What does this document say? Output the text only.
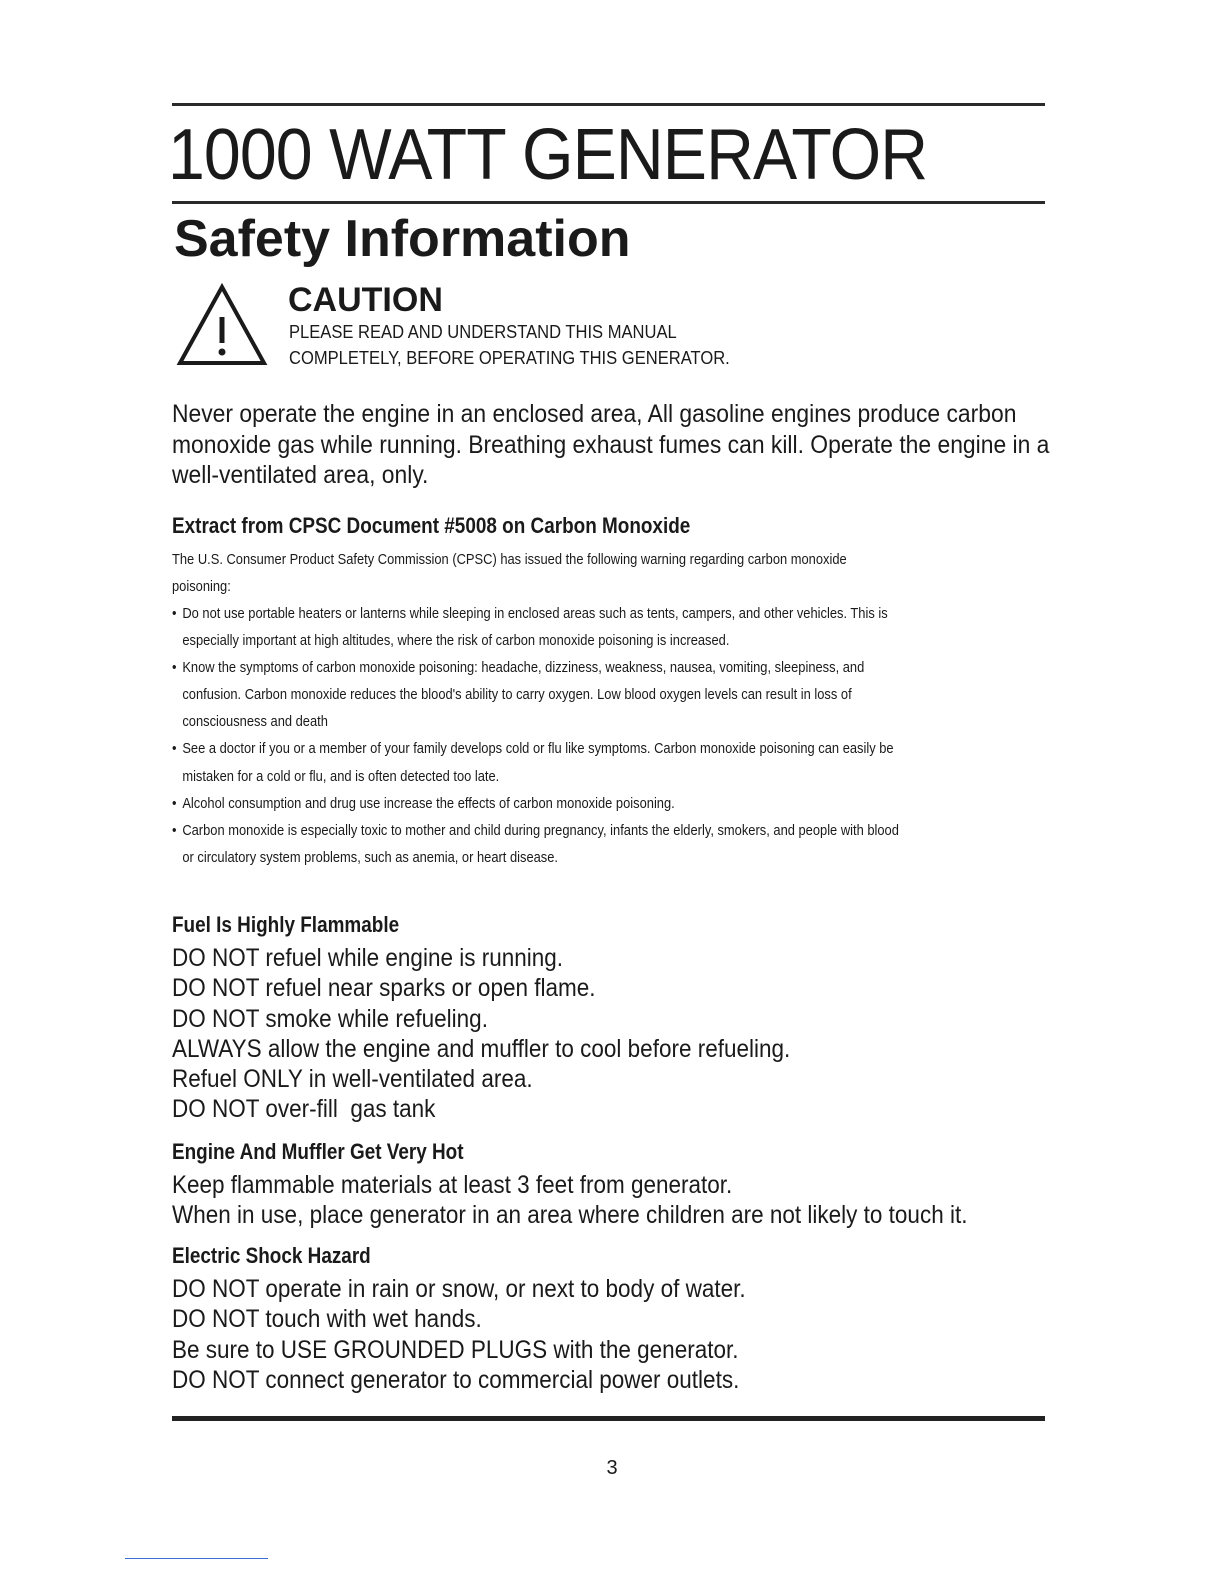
1000 WATT GENERATOR
Safety Information
CAUTION
PLEASE READ AND UNDERSTAND THIS MANUAL
COMPLETELY, BEFORE OPERATING THIS GENERATOR.

Never operate the engine in an enclosed area, All gasoline engines produce carbon monoxide gas while running. Breathing exhaust fumes can kill. Operate the engine in a well-ventilated area, only.

Extract from CPSC Document #5008 on Carbon Monoxide

The U.S. Consumer Product Safety Commission (CPSC) has issued the following warning regarding carbon monoxide poisoning:

• Do not use portable heaters or lanterns while sleeping in enclosed areas such as tents, campers, and other vehicles. This is especially important at high altitudes, where the risk of carbon monoxide poisoning is increased.
• Know the symptoms of carbon monoxide poisoning: headache, dizziness, weakness, nausea, vomiting, sleepiness, and confusion. Carbon monoxide reduces the blood's ability to carry oxygen. Low blood oxygen levels can result in loss of consciousness and death
• See a doctor if you or a member of your family develops cold or flu like symptoms. Carbon monoxide poisoning can easily be mistaken for a cold or flu, and is often detected too late.
• Alcohol consumption and drug use increase the effects of carbon monoxide poisoning.
• Carbon monoxide is especially toxic to mother and child during pregnancy, infants the elderly, smokers, and people with blood or circulatory system problems, such as anemia, or heart disease.
Fuel Is Highly Flammable
DO NOT refuel while engine is running.
DO NOT refuel near sparks or open flame.
DO NOT smoke while refueling.
ALWAYS allow the engine and muffler to cool before refueling.
Refuel ONLY in well-ventilated area.
DO NOT over-fill  gas tank
Engine And Muffler Get Very Hot
Keep flammable materials at least 3 feet from generator.
When in use, place generator in an area where children are not likely to touch it.
Electric Shock Hazard
DO NOT operate in rain or snow, or next to body of water.
DO NOT touch with wet hands.
Be sure to USE GROUNDED PLUGS with the generator.
DO NOT connect generator to commercial power outlets.
3
